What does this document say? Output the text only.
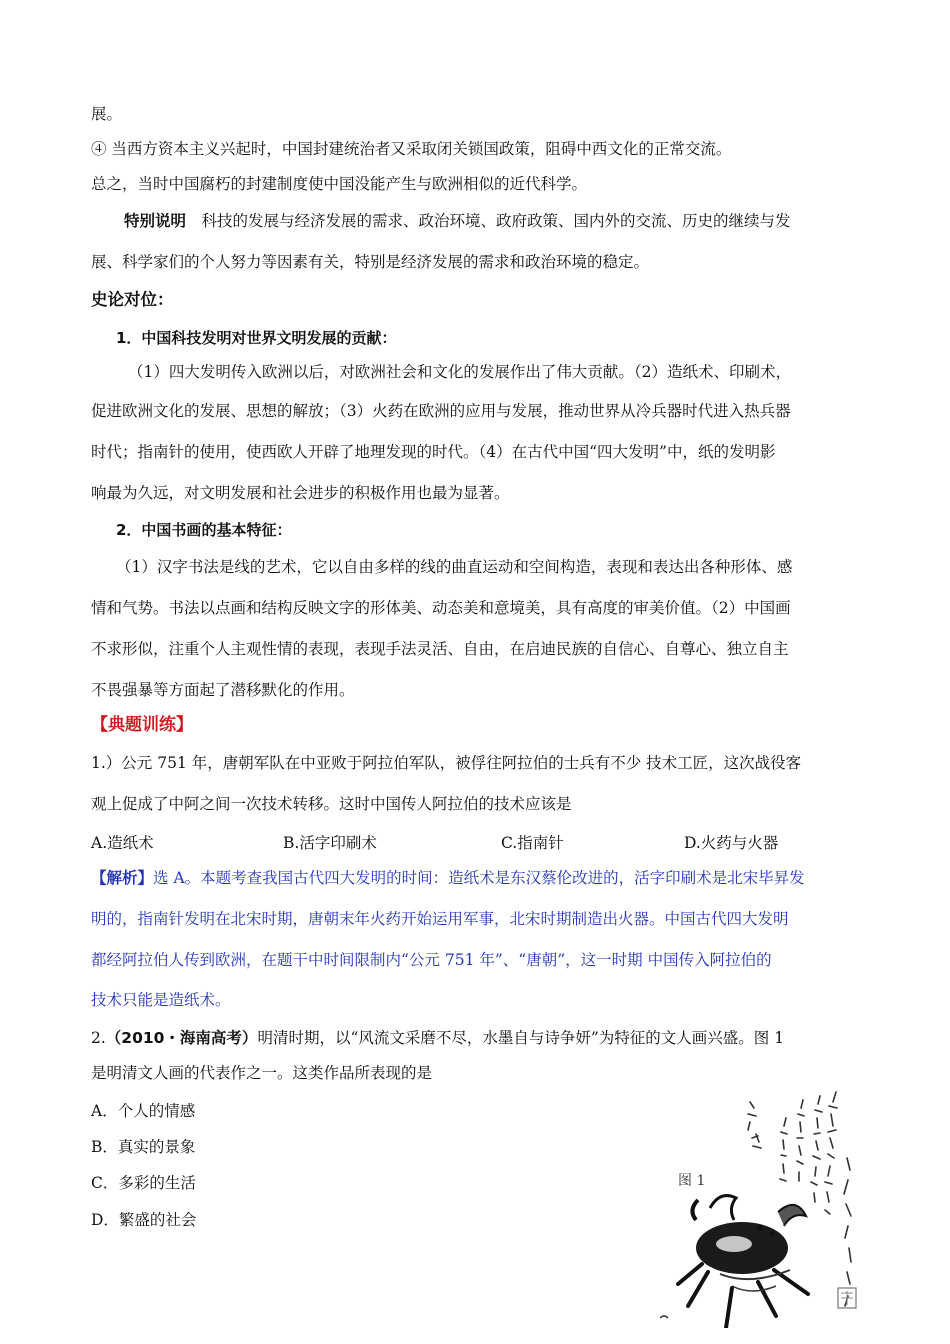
展。
④ 当西方资本主义兴起时，中国封建统治者又采取闭关锁国政策，阻碍中西文化的正常交流。
总之，当时中国腐朽的封建制度使中国没能产生与欧洲相似的近代科学。
特别说明　科技的发展与经济发展的需求、政治环境、政府政策、国内外的交流、历史的继续与发
展、科学家们的个人努力等因素有关，特别是经济发展的需求和政治环境的稳定。
史论对位：
1．中国科技发明对世界文明发展的贡献：
（1）四大发明传入欧洲以后，对欧洲社会和文化的发展作出了伟大贡献。（2）造纸术、印刷术，
促进欧洲文化的发展、思想的解放；（3）火药在欧洲的应用与发展，推动世界从冷兵器时代进入热兵器
时代；指南针的使用，使西欧人开辟了地理发现的时代。（4）在古代中国“四大发明”中，纸的发明影
响最为久远，对文明发展和社会进步的积极作用也最为显著。
2．中国书画的基本特征：
（1）汉字书法是线的艺术，它以自由多样的线的曲直运动和空间构造，表现和表达出各种形体、感
情和气势。书法以点画和结构反映文字的形体美、动态美和意境美，具有高度的审美价值。（2）中国画
不求形似，注重个人主观性情的表现，表现手法灵活、自由，在启迪民族的自信心、自尊心、独立自主
不畏强暴等方面起了潜移默化的作用。
【典题训练】
1.）公元 751 年，唐朝军队在中亚败于阿拉伯军队，被俘往阿拉伯的士兵有不少 技术工匠，这次战役客
观上促成了中阿之间一次技术转移。这时中国传人阿拉伯的技术应该是
A.造纸术	B.活字印刷术	C.指南针	D.火药与火器
【解析】选 A。本题考查我国古代四大发明的时间：造纸术是东汉蔡伦改进的，活字印刷术是北宋毕昇发
明的，指南针发明在北宋时期，唐朝末年火药开始运用军事，北宋时期制造出火器。中国古代四大发明
都经阿拉伯人传到欧洲，在题干中时间限制内“公元 751 年”、“唐朝”，这一时期 中国传入阿拉伯的
技术只能是造纸术。
2.（2010・海南高考）明清时期，以“风流文采磨不尽，水墨自与诗争妍”为特征的文人画兴盛。图 1
是明清文人画的代表作之一。这类作品所表现的是
A．个人的情感
B．真实的景象
C．多彩的生活
D．繁盛的社会
图 1
